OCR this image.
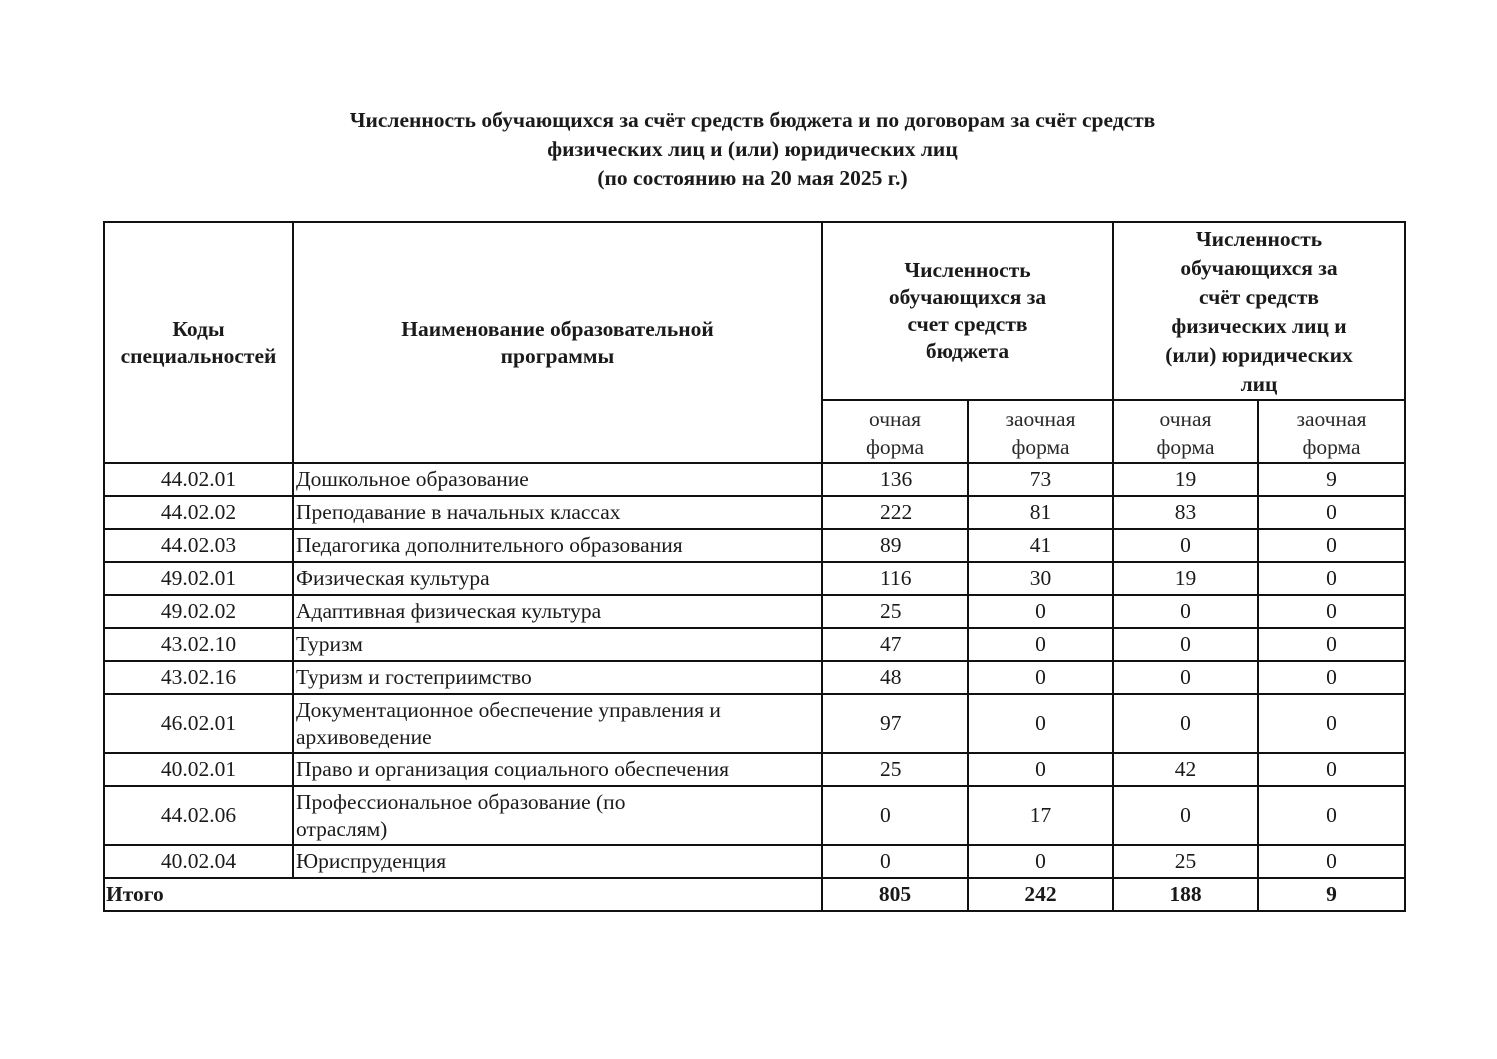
Численность обучающихся за счёт средств бюджета и по договорам за счёт средств
физических лиц и (или) юридических лиц
(по состоянию на 20 мая 2025 г.)
Коды специальностей	Наименование образовательной программы	Численность обучающихся за счет средств бюджета		Численность обучающихся за счёт средств физических лиц и (или) юридических лиц	
		очная форма	заочная форма	очная форма	заочная форма
44.02.01	Дошкольное образование	136	73	19	9
44.02.02	Преподавание в начальных классах	222	81	83	0
44.02.03	Педагогика дополнительного образования	89	41	0	0
49.02.01	Физическая культура	116	30	19	0
49.02.02	Адаптивная физическая культура	25	0	0	0
43.02.10	Туризм	47	0	0	0
43.02.16	Туризм и гостеприимство	48	0	0	0
46.02.01	Документационное обеспечение управления и архивоведение	97	0	0	0
40.02.01	Право и организация социального обеспечения	25	0	42	0
44.02.06	Профессиональное образование (по отраслям)	0	17	0	0
40.02.04	Юриспруденция	0	0	25	0
Итого		805	242	188	9
